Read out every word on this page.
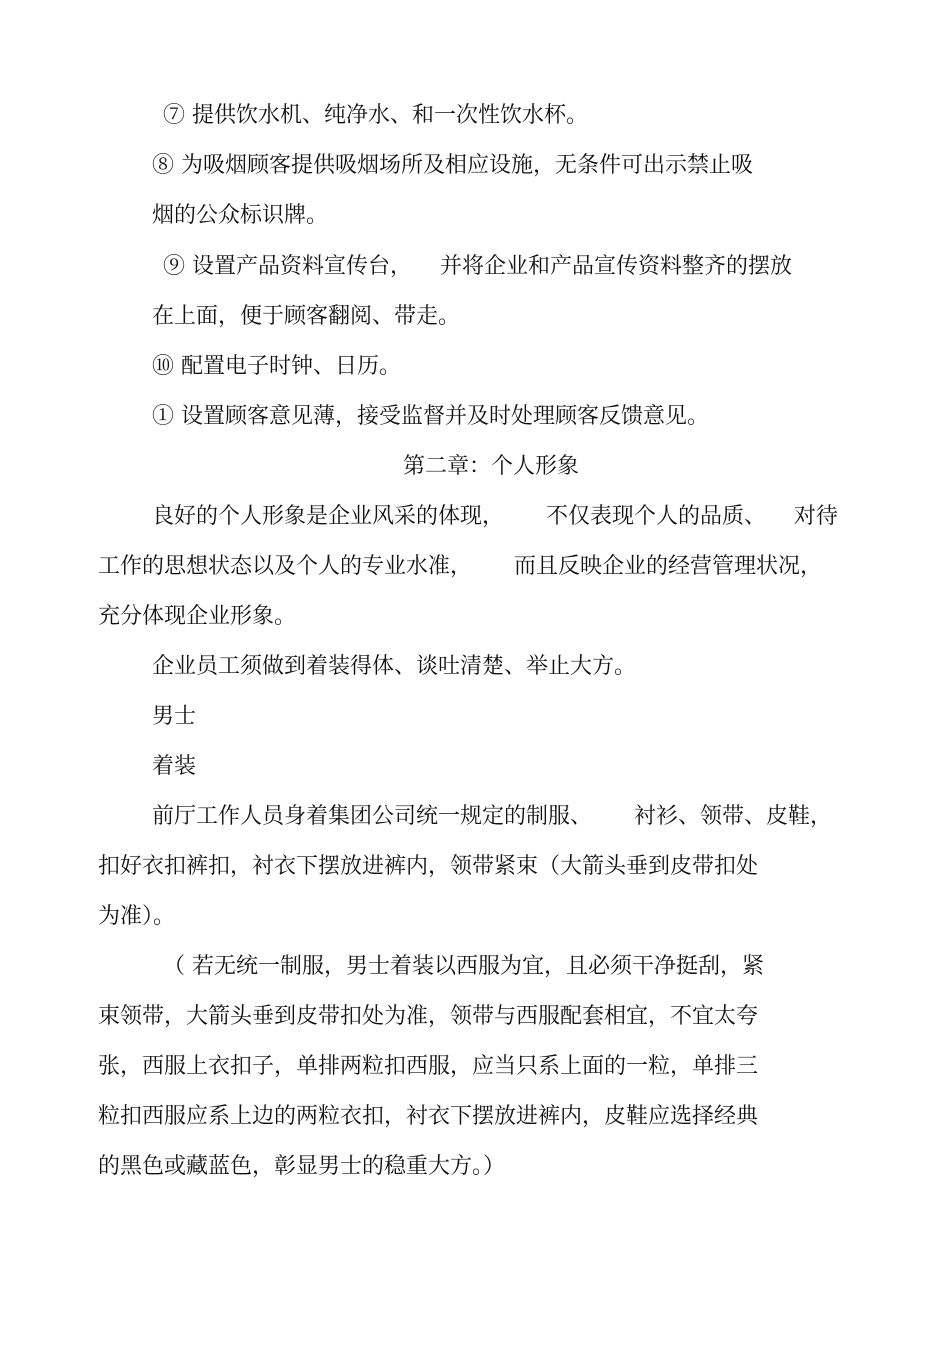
⑦ 提供饮水机、纯净水、和一次性饮水杯。
⑧ 为吸烟顾客提供吸烟场所及相应设施，无条件可出示禁止吸
烟的公众标识牌。
⑨ 设置产品资料宣传台，    并将企业和产品宣传资料整齐的摆放
在上面，便于顾客翻阅、带走。
⑩ 配置电子时钟、日历。
① 设置顾客意见薄，接受监督并及时处理顾客反馈意见。
第二章：个人形象
良好的个人形象是企业风采的体现，      不仅表现个人的品质、    对待
工作的思想状态以及个人的专业水准，      而且反映企业的经营管理状况，
充分体现企业形象。
企业员工须做到着装得体、谈吐清楚、举止大方。
男士
着装
前厅工作人员身着集团公司统一规定的制服、      衬衫、领带、皮鞋，
扣好衣扣裤扣，衬衣下摆放进裤内，领带紧束（大箭头垂到皮带扣处
为准）。
（ 若无统一制服，男士着装以西服为宜，且必须干净挺刮，紧
束领带，大箭头垂到皮带扣处为准，领带与西服配套相宜，不宜太夸
张，西服上衣扣子，单排两粒扣西服，应当只系上面的一粒，单排三
粒扣西服应系上边的两粒衣扣，衬衣下摆放进裤内，皮鞋应选择经典
的黑色或藏蓝色，彰显男士的稳重大方。）
